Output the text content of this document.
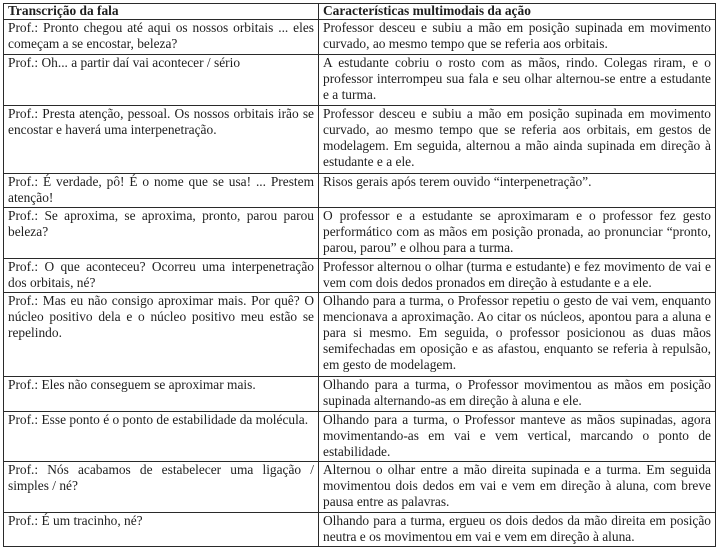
Transcrição da fala	Características multimodais da ação
Prof.: Pronto chegou até aqui os nossos orbitais ... eles começam a se encostar, beleza?	Professor desceu e subiu a mão em posição supinada em movimento curvado, ao mesmo tempo que se referia aos orbitais.
Prof.: Oh... a partir daí vai acontecer / sério	A estudante cobriu o rosto com as mãos, rindo. Colegas riram, e o professor interrompeu sua fala e seu olhar alternou-se entre a estudante e a turma.
Prof.: Presta atenção, pessoal. Os nossos orbitais irão se encostar e haverá uma interpenetração.	Professor desceu e subiu a mão em posição supinada em movimento curvado, ao mesmo tempo que se referia aos orbitais, em gestos de modelagem. Em seguida, alternou a mão ainda supinada em direção à estudante e a ele.
Prof.: É verdade, pô! É o nome que se usa! ... Prestem atenção!	Risos gerais após terem ouvido “interpenetração”.
Prof.: Se aproxima, se aproxima, pronto, parou parou beleza?	O professor e a estudante se aproximaram e o professor fez gesto performático com as mãos em posição pronada, ao pronunciar “pronto, parou, parou” e olhou para a turma.
Prof.: O que aconteceu? Ocorreu uma interpenetração dos orbitais, né?	Professor alternou o olhar (turma e estudante) e fez movimento de vai e vem com dois dedos pronados em direção à estudante e a ele.
Prof.: Mas eu não consigo aproximar mais. Por quê? O núcleo positivo dela e o núcleo positivo meu estão se repelindo.	Olhando para a turma, o Professor repetiu o gesto de vai vem, enquanto mencionava a aproximação. Ao citar os núcleos, apontou para a aluna e para si mesmo. Em seguida, o professor posicionou as duas mãos semifechadas em oposição e as afastou, enquanto se referia à repulsão, em gesto de modelagem.
Prof.: Eles não conseguem se aproximar mais.	Olhando para a turma, o Professor movimentou as mãos em posição supinada alternando-as em direção à aluna e ele.
Prof.: Esse ponto é o ponto de estabilidade da molécula.	Olhando para a turma, o Professor manteve as mãos supinadas, agora movimentando-as em vai e vem vertical, marcando o ponto de estabilidade.
Prof.: Nós acabamos de estabelecer uma ligação / simples / né?	Alternou o olhar entre a mão direita supinada e a turma. Em seguida movimentou dois dedos em vai e vem em direção à aluna, com breve pausa entre as palavras.
Prof.: É um tracinho, né?	Olhando para a turma, ergueu os dois dedos da mão direita em posição neutra e os movimentou em vai e vem em direção à aluna.
